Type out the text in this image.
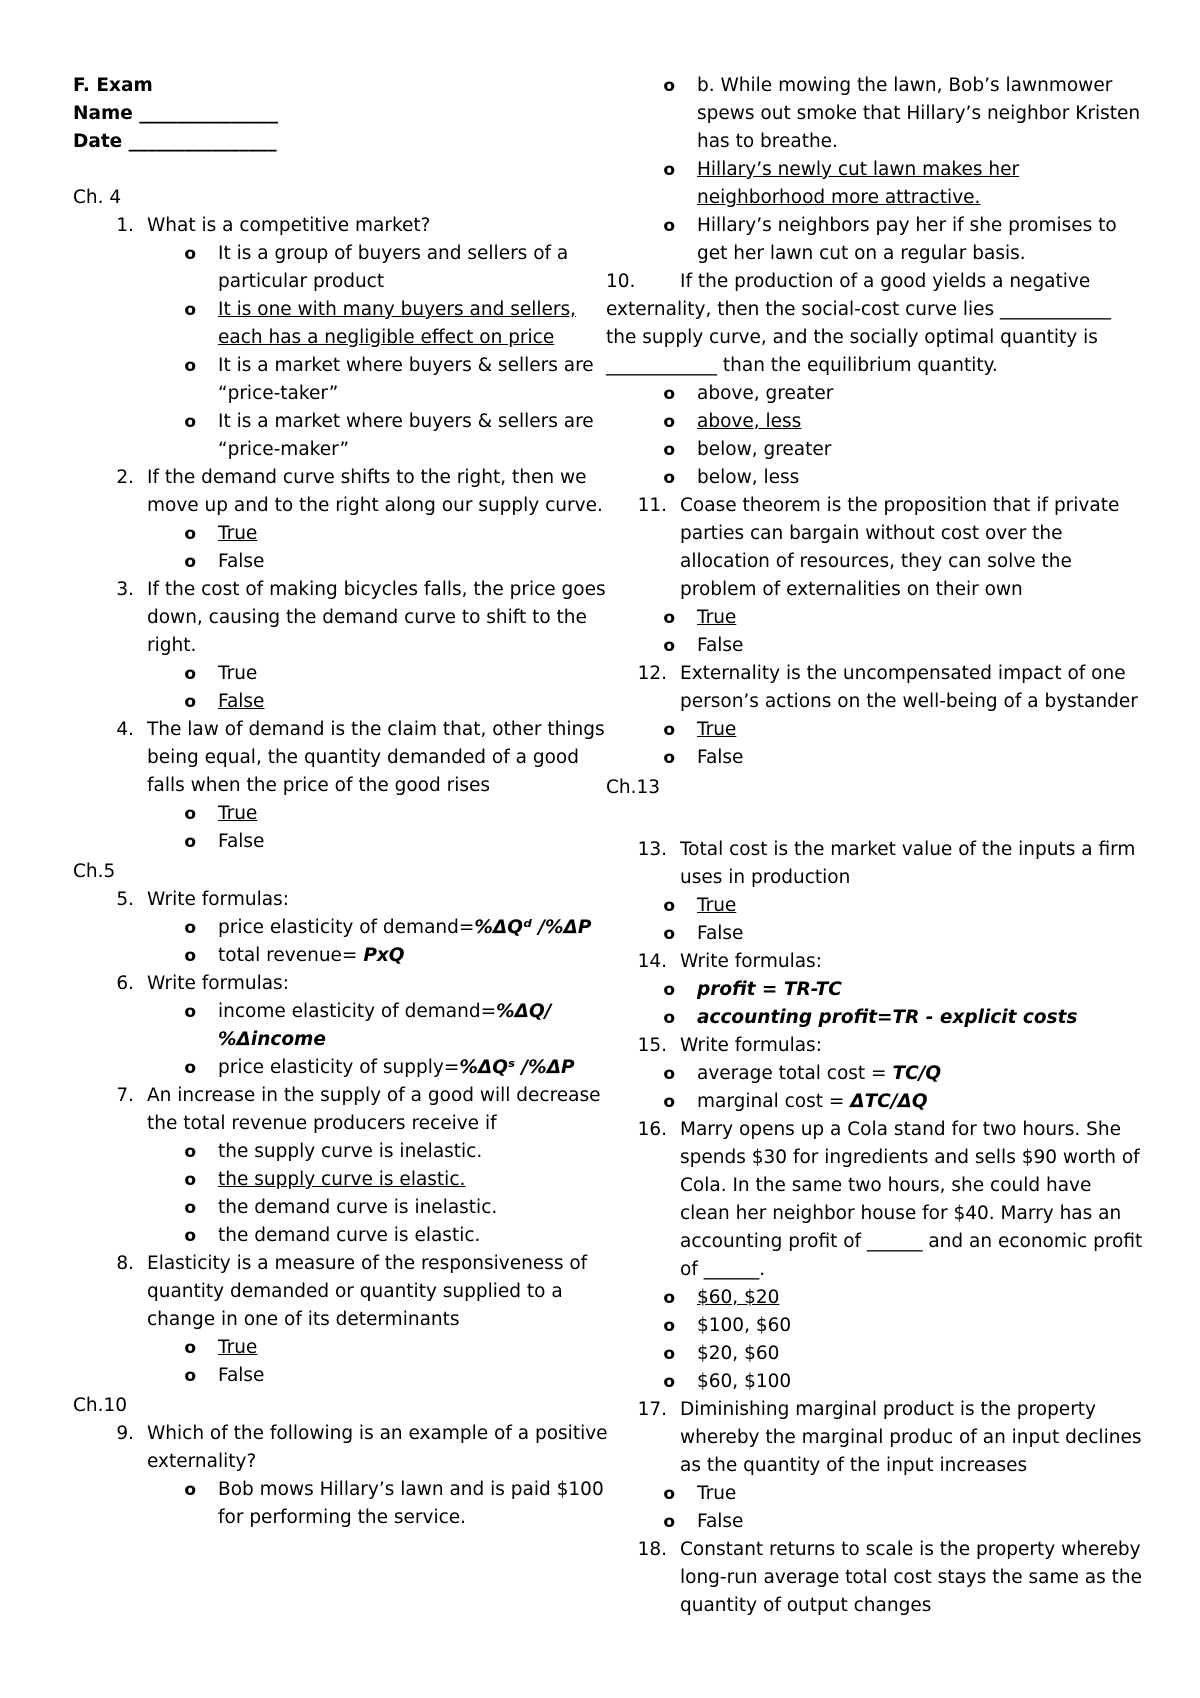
F. Exam
Name _______________
Date ________________
Ch. 4
1. What is a competitive market?
o	It is a group of buyers and sellers of a particular product
o	It is one with many buyers and sellers, each has a negligible effect on price
o	It is a market where buyers & sellers are “price-taker”
o	It is a market where buyers & sellers are “price-maker”
2. If the demand curve shifts to the right, then we move up and to the right along our supply curve.
o	True
o	False
3. If the cost of making bicycles falls, the price goes down, causing the demand curve to shift to the right.
o	True
o	False
4. The law of demand is the claim that, other things being equal, the quantity demanded of a good falls when the price of the good rises
o	True
o	False
Ch.5
5. Write formulas:
o	price elasticity of demand=%ΔQᵈ /%ΔP
o	total revenue= PxQ
6. Write formulas:
o	income elasticity of demand=%ΔQ/ %Δincome
o	price elasticity of supply=%ΔQˢ /%ΔP
7. An increase in the supply of a good will decrease the total revenue producers receive if
o	the supply curve is inelastic.
o	the supply curve is elastic.
o	the demand curve is inelastic.
o	the demand curve is elastic.
8. Elasticity is a measure of the responsiveness of quantity demanded or quantity supplied to a change in one of its determinants
o	True
o	False
Ch.10
9. Which of the following is an example of a positive externality?
o	Bob mows Hillary’s lawn and is paid $100 for performing the service.
o	b. While mowing the lawn, Bob’s lawnmower spews out smoke that Hillary’s neighbor Kristen has to breathe.
o	Hillary’s newly cut lawn makes her neighborhood more attractive.
o	Hillary’s neighbors pay her if she promises to get her lawn cut on a regular basis.
10.	If the production of a good yields a negative
externality, then the social-cost curve lies ____________
the supply curve, and the socially optimal quantity is
____________ than the equilibrium quantity.
o	above, greater
o	above, less
o	below, greater
o	below, less
11. Coase theorem is the proposition that if private parties can bargain without cost over the allocation of resources, they can solve the problem of externalities on their own
o	True
o	False
12. Externality is the uncompensated impact of one person’s actions on the well-being of a bystander
o	True
o	False
Ch.13
13. Total cost is the market value of the inputs a firm uses in production
o	True
o	False
14. Write formulas:
o	profit = TR-TC
o	accounting profit=TR - explicit costs
15. Write formulas:
o	average total cost = TC/Q
o	marginal cost = ΔTC/ΔQ
16. Marry opens up a Cola stand for two hours. She spends $30 for ingredients and sells $90 worth of Cola. In the same two hours, she could have clean her neighbor house for $40. Marry has an accounting profit of ______ and an economic profit of ______.
o	$60, $20
o	$100, $60
o	$20, $60
o	$60, $100
17. Diminishing marginal product is the property whereby the marginal produc of an input declines as the quantity of the input increases
o	True
o	False
18. Constant returns to scale is the property whereby long-run average total cost stays the same as the quantity of output changes
